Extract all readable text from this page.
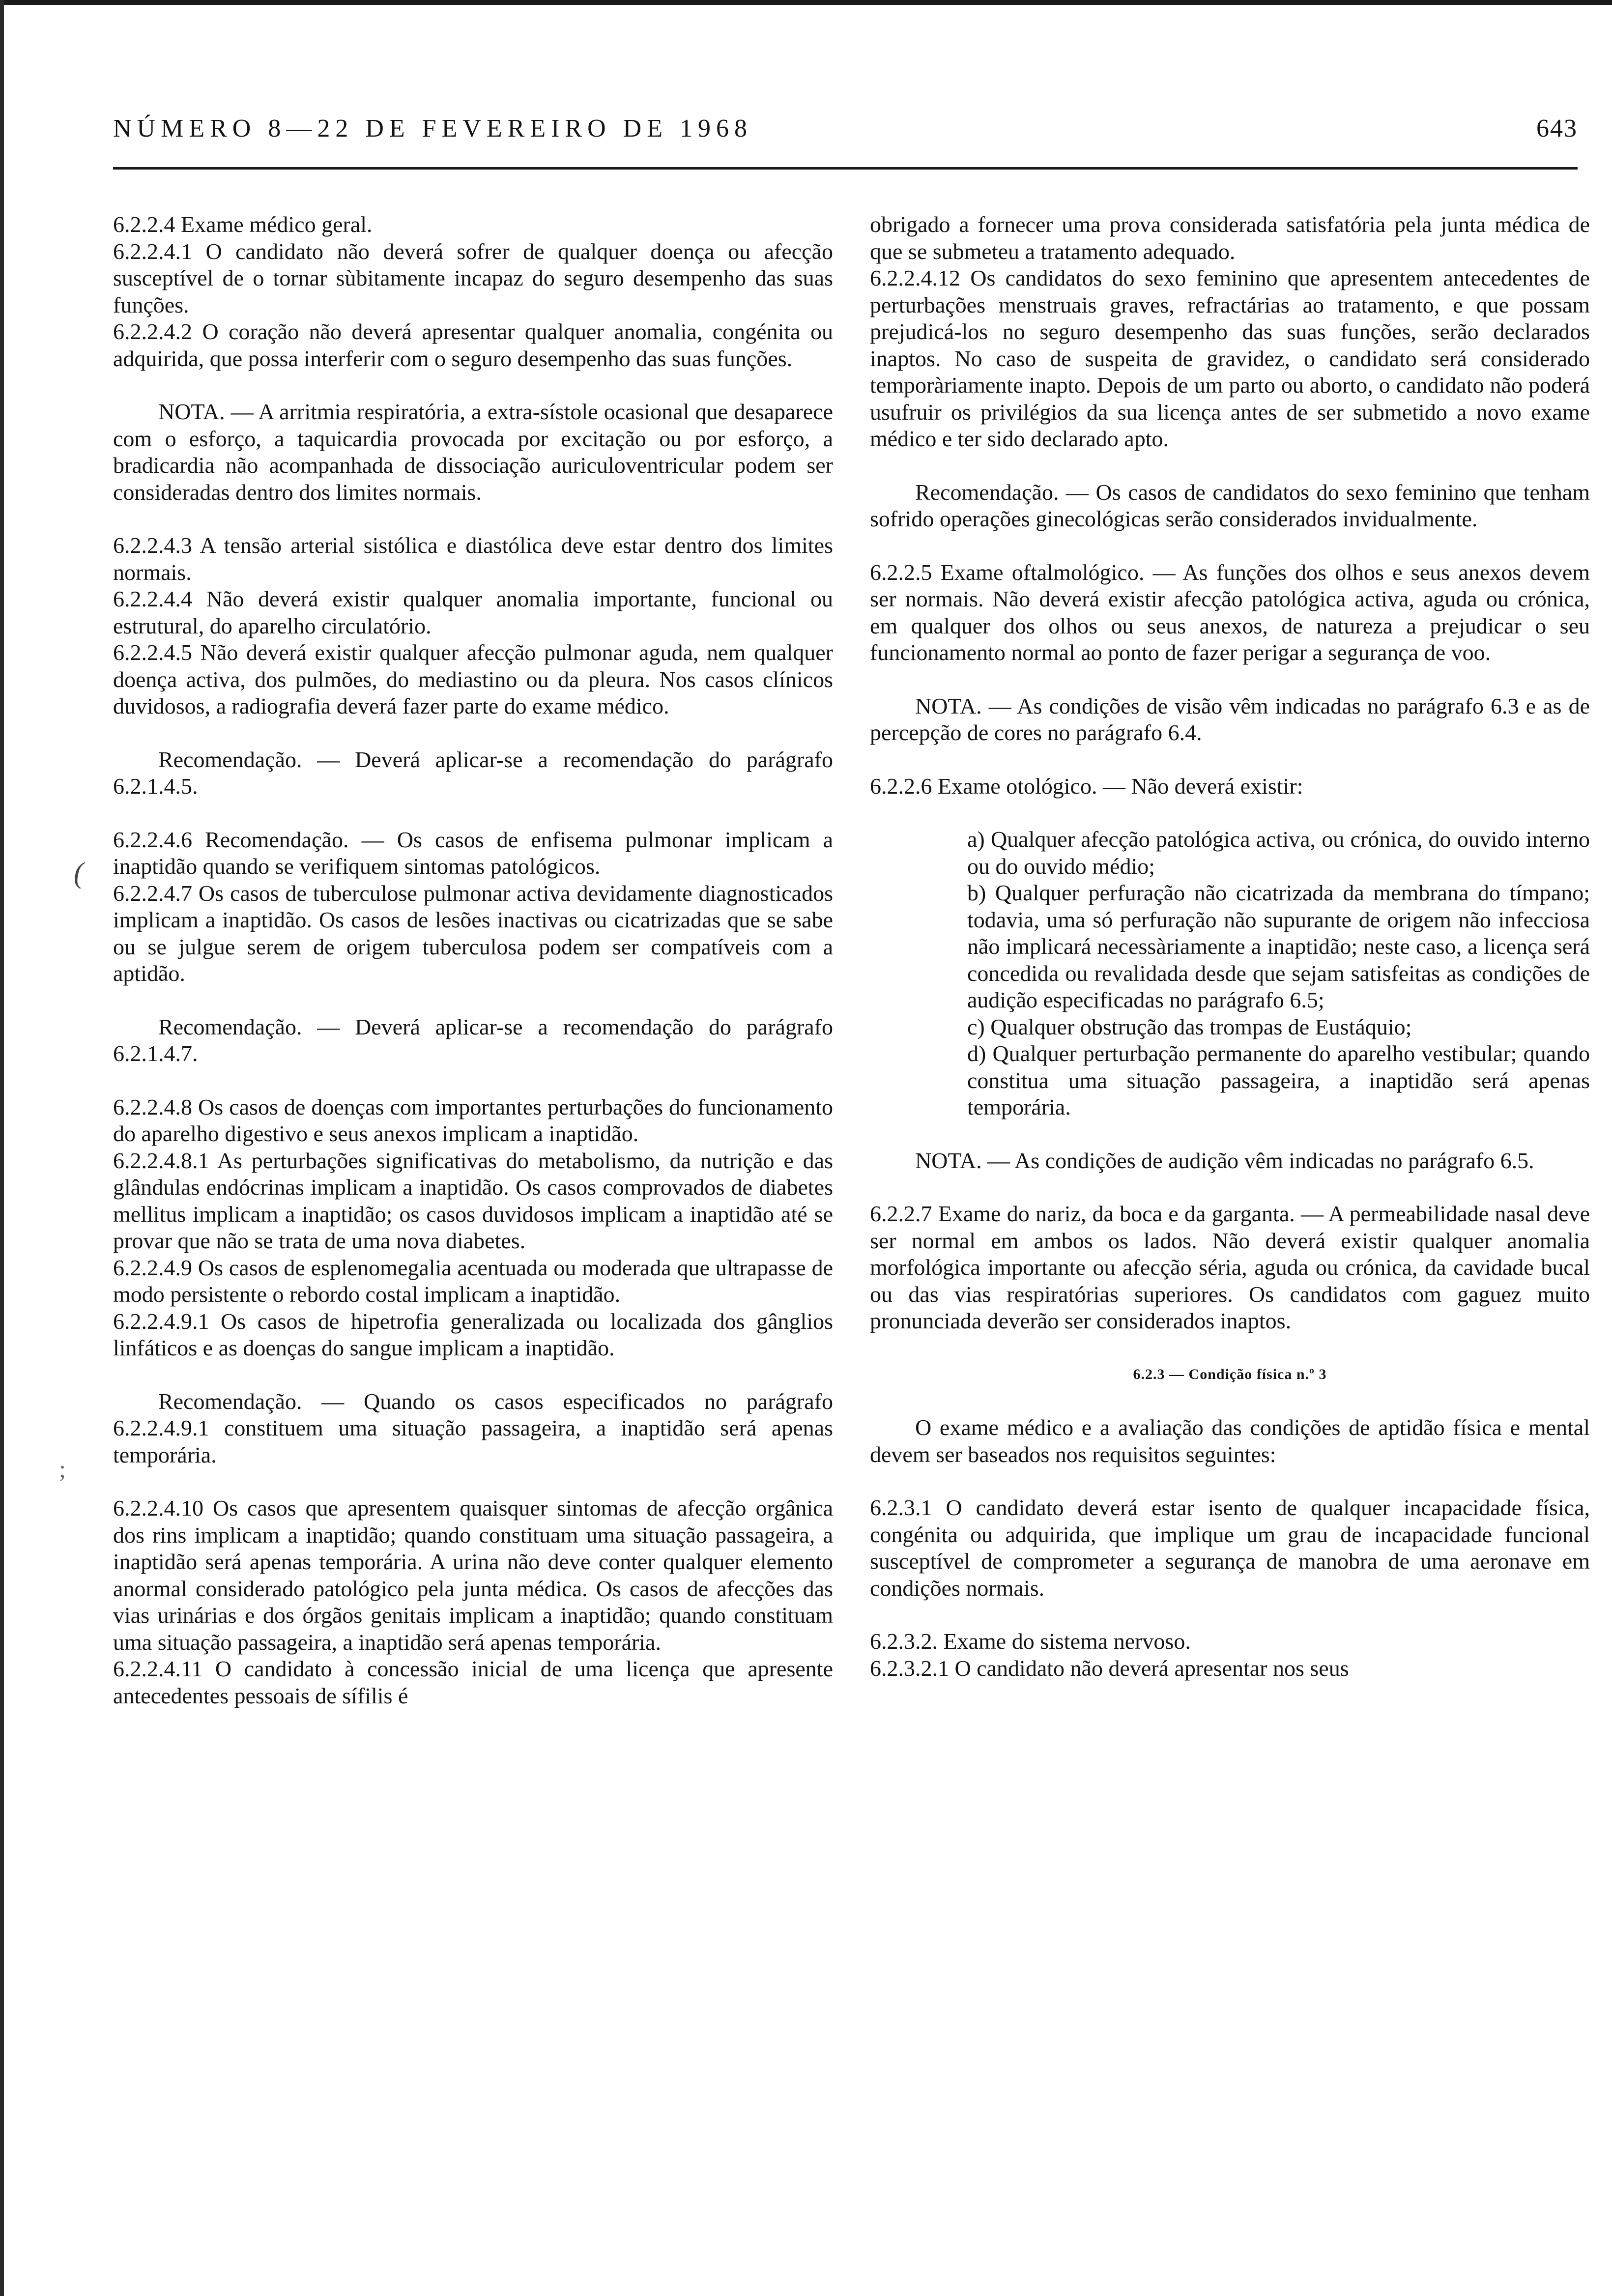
NÚMERO 8—22 DE FEVEREIRO DE 1968	643
(
;

6.2.2.4 Exame médico geral.

6.2.2.4.1 O candidato não deverá sofrer de qualquer doença ou afecção susceptível de o tornar sùbitamente incapaz do seguro desempenho das suas funções.

6.2.2.4.2 O coração não deverá apresentar qualquer anomalia, congénita ou adquirida, que possa interferir com o seguro desempenho das suas funções.

NOTA. — A arritmia respiratória, a extra-sístole ocasional que desaparece com o esforço, a taquicardia provocada por excitação ou por esforço, a bradicardia não acompanhada de dissociação auriculoventricular podem ser consideradas dentro dos limites normais.

6.2.2.4.3 A tensão arterial sistólica e diastólica deve estar dentro dos limites normais.

6.2.2.4.4 Não deverá existir qualquer anomalia importante, funcional ou estrutural, do aparelho circulatório.

6.2.2.4.5 Não deverá existir qualquer afecção pulmonar aguda, nem qualquer doença activa, dos pulmões, do mediastino ou da pleura. Nos casos clínicos duvidosos, a radiografia deverá fazer parte do exame médico.

Recomendação. — Deverá aplicar-se a recomendação do parágrafo 6.2.1.4.5.

6.2.2.4.6 Recomendação. — Os casos de enfisema pulmonar implicam a inaptidão quando se verifiquem sintomas patológicos.

6.2.2.4.7 Os casos de tuberculose pulmonar activa devidamente diagnosticados implicam a inaptidão. Os casos de lesões inactivas ou cicatrizadas que se sabe ou se julgue serem de origem tuberculosa podem ser compatíveis com a aptidão.

Recomendação. — Deverá aplicar-se a recomendação do parágrafo 6.2.1.4.7.

6.2.2.4.8 Os casos de doenças com importantes perturbações do funcionamento do aparelho digestivo e seus anexos implicam a inaptidão.

6.2.2.4.8.1 As perturbações significativas do metabolismo, da nutrição e das glândulas endócrinas implicam a inaptidão. Os casos comprovados de diabetes mellitus implicam a inaptidão; os casos duvidosos implicam a inaptidão até se provar que não se trata de uma nova diabetes.

6.2.2.4.9 Os casos de esplenomegalia acentuada ou moderada que ultrapasse de modo persistente o rebordo costal implicam a inaptidão.

6.2.2.4.9.1 Os casos de hipetrofia generalizada ou localizada dos gânglios linfáticos e as doenças do sangue implicam a inaptidão.

Recomendação. — Quando os casos especificados no parágrafo 6.2.2.4.9.1 constituem uma situação passageira, a inaptidão será apenas temporária.

6.2.2.4.10 Os casos que apresentem quaisquer sintomas de afecção orgânica dos rins implicam a inaptidão; quando constituam uma situação passageira, a inaptidão será apenas temporária. A urina não deve conter qualquer elemento anormal considerado patológico pela junta médica. Os casos de afecções das vias urinárias e dos órgãos genitais implicam a inaptidão; quando constituam uma situação passageira, a inaptidão será apenas temporária.

6.2.2.4.11 O candidato à concessão inicial de uma licença que apresente antecedentes pessoais de sífilis é

obrigado a fornecer uma prova considerada satisfatória pela junta médica de que se submeteu a tratamento adequado.

6.2.2.4.12 Os candidatos do sexo feminino que apresentem antecedentes de perturbações menstruais graves, refractárias ao tratamento, e que possam prejudicá-los no seguro desempenho das suas funções, serão declarados inaptos. No caso de suspeita de gravidez, o candidato será considerado temporàriamente inapto. Depois de um parto ou aborto, o candidato não poderá usufruir os privilégios da sua licença antes de ser submetido a novo exame médico e ter sido declarado apto.

Recomendação. — Os casos de candidatos do sexo feminino que tenham sofrido operações ginecológicas serão considerados invidualmente.

6.2.2.5 Exame oftalmológico. — As funções dos olhos e seus anexos devem ser normais. Não deverá existir afecção patológica activa, aguda ou crónica, em qualquer dos olhos ou seus anexos, de natureza a prejudicar o seu funcionamento normal ao ponto de fazer perigar a segurança de voo.

NOTA. — As condições de visão vêm indicadas no parágrafo 6.3 e as de percepção de cores no parágrafo 6.4.

6.2.2.6 Exame otológico. — Não deverá existir:

a) Qualquer afecção patológica activa, ou crónica, do ouvido interno ou do ouvido médio;

b) Qualquer perfuração não cicatrizada da membrana do tímpano; todavia, uma só perfuração não supurante de origem não infecciosa não implicará necessàriamente a inaptidão; neste caso, a licença será concedida ou revalidada desde que sejam satisfeitas as condições de audição especificadas no parágrafo 6.5;

c) Qualquer obstrução das trompas de Eustáquio;

d) Qualquer perturbação permanente do aparelho vestibular; quando constitua uma situação passageira, a inaptidão será apenas temporária.

NOTA. — As condições de audição vêm indicadas no parágrafo 6.5.

6.2.2.7 Exame do nariz, da boca e da garganta. — A permeabilidade nasal deve ser normal em ambos os lados. Não deverá existir qualquer anomalia morfológica importante ou afecção séria, aguda ou crónica, da cavidade bucal ou das vias respiratórias superiores. Os candidatos com gaguez muito pronunciada deverão ser considerados inaptos.

6.2.3 — Condição física n.º 3

O exame médico e a avaliação das condições de aptidão física e mental devem ser baseados nos requisitos seguintes:

6.2.3.1 O candidato deverá estar isento de qualquer incapacidade física, congénita ou adquirida, que implique um grau de incapacidade funcional susceptível de comprometer a segurança de manobra de uma aeronave em condições normais.

6.2.3.2. Exame do sistema nervoso.

6.2.3.2.1 O candidato não deverá apresentar nos seus
